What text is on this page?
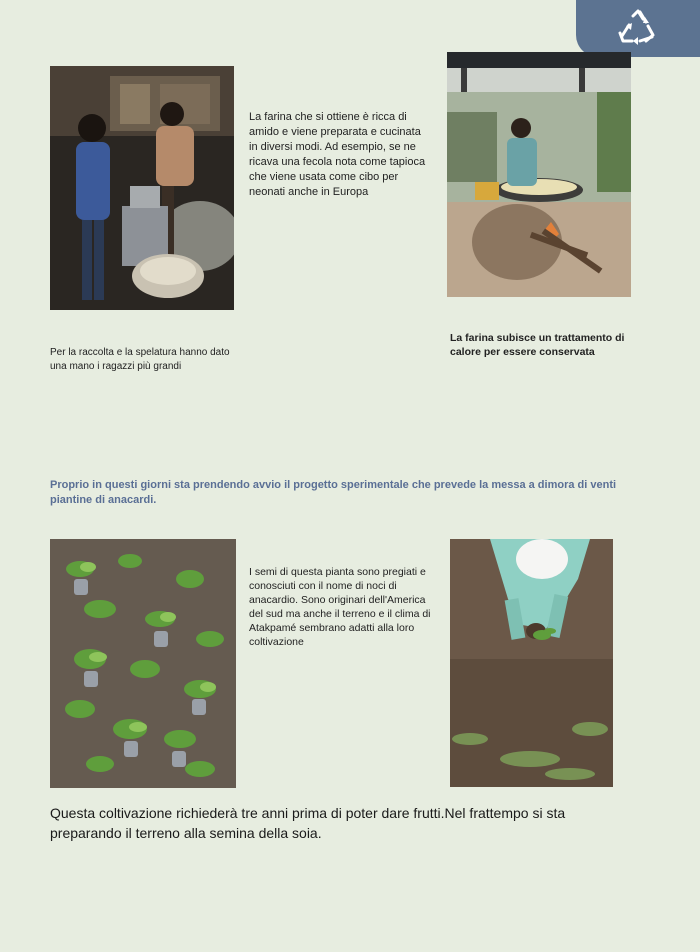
La farina che si ottiene è ricca di amido e viene preparata e cucinata in diversi modi. Ad esempio, se ne ricava una fecola nota come tapioca che viene usata come cibo per neonati anche in Europa
Per la raccolta e la spelatura hanno dato una mano i ragazzi più grandi
La farina subisce un trattamento di calore per essere conservata
Proprio in questi giorni sta prendendo avvio il progetto sperimentale che prevede la messa a dimora di venti piantine di anacardi.
I semi di questa pianta sono pregiati e conosciuti con il nome di noci di anacardio. Sono originari dell'America del sud ma anche il terreno e il clima di Atakpamé sembrano adatti alla loro coltivazione
Questa coltivazione richiederà tre anni prima di poter dare frutti.Nel frattempo si sta preparando il terreno alla semina della soia.
